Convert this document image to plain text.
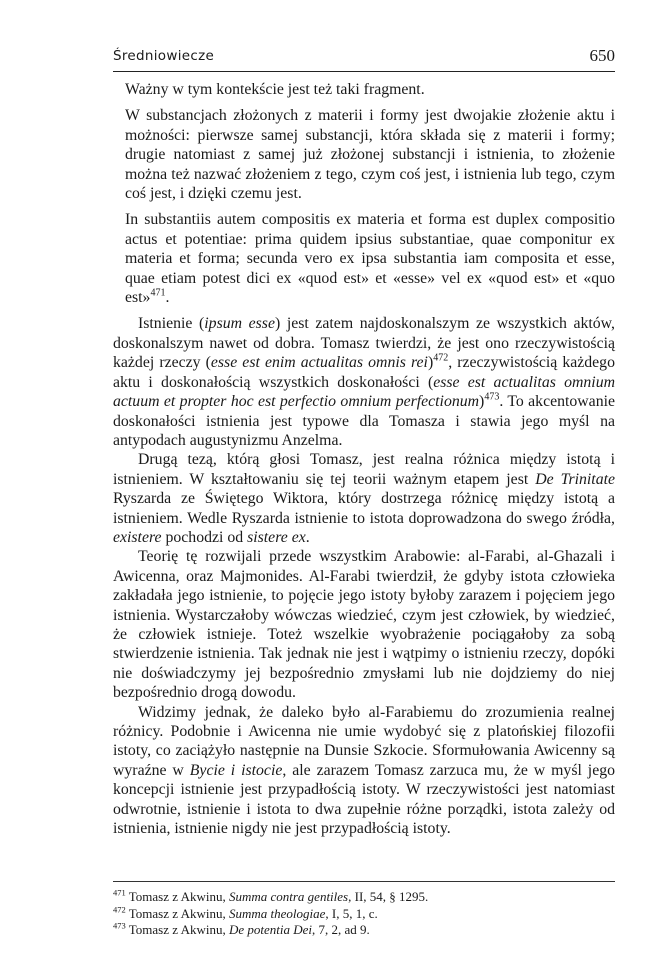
Średniowiecze	650

Ważny w tym kontekście jest też taki fragment.

W substancjach złożonych z materii i formy jest dwojakie złożenie aktu i możności: pierwsze samej substancji, która składa się z materii i formy; drugie natomiast z samej już złożonej substancji i istnienia, to złożenie można też nazwać złożeniem z tego, czym coś jest, i istnienia lub tego, czym coś jest, i dzięki czemu jest.

In substantiis autem compositis ex materia et forma est duplex compositio actus et potentiae: prima quidem ipsius substantiae, quae componitur ex materia et forma; secunda vero ex ipsa substantia iam composita et esse, quae etiam potest dici ex «quod est» et «esse» vel ex «quod est» et «quo est»$^{471}$.

Istnienie (ipsum esse) jest zatem najdoskonalszym ze wszystkich aktów, doskonalszym nawet od dobra. Tomasz twierdzi, że jest ono rzeczywistością każdej rzeczy (esse est enim actualitas omnis rei)$^{472}$, rzeczywistością każdego aktu i doskonałością wszystkich doskonałości (esse est actualitas omnium actuum et propter hoc est perfectio omnium perfectionum)$^{473}$. To akcentowanie doskonałości istnienia jest typowe dla Tomasza i stawia jego myśl na antypodach augustynizmu Anzelma.

Drugą tezą, którą głosi Tomasz, jest realna różnica między istotą i istnieniem. W kształtowaniu się tej teorii ważnym etapem jest De Trinitate Ryszarda ze Świętego Wiktora, który dostrzega różnicę między istotą a istnieniem. Wedle Ryszarda istnienie to istota doprowadzona do swego źródła, existere pochodzi od sistere ex.

Teorię tę rozwijali przede wszystkim Arabowie: al-Farabi, al-Ghazali i Awicenna, oraz Majmonides. Al-Farabi twierdził, że gdyby istota człowieka zakładała jego istnienie, to pojęcie jego istoty byłoby zarazem i pojęciem jego istnienia. Wystarczałoby wówczas wiedzieć, czym jest człowiek, by wiedzieć, że człowiek istnieje. Toteż wszelkie wyobrażenie pociągałoby za sobą stwierdzenie istnienia. Tak jednak nie jest i wątpimy o istnieniu rzeczy, dopóki nie doświadczymy jej bezpośrednio zmysłami lub nie dojdziemy do niej bezpośrednio drogą dowodu.

Widzimy jednak, że daleko było al-Farabiemu do zrozumienia realnej różnicy. Podobnie i Awicenna nie umie wydobyć się z platońskiej filozofii istoty, co zaciążyło następnie na Dunsie Szkocie. Sformułowania Awicenny są wyraźne w Bycie i istocie, ale zarazem Tomasz zarzuca mu, że w myśl jego koncepcji istnienie jest przypadłością istoty. W rzeczywistości jest natomiast odwrotnie, istnienie i istota to dwa zupełnie różne porządki, istota zależy od istnienia, istnienie nigdy nie jest przypadłością istoty.

$^{471}$ Tomasz z Akwinu, Summa contra gentiles, II, 54, § 1295.
$^{472}$ Tomasz z Akwinu, Summa theologiae, I, 5, 1, c.
$^{473}$ Tomasz z Akwinu, De potentia Dei, 7, 2, ad 9.
